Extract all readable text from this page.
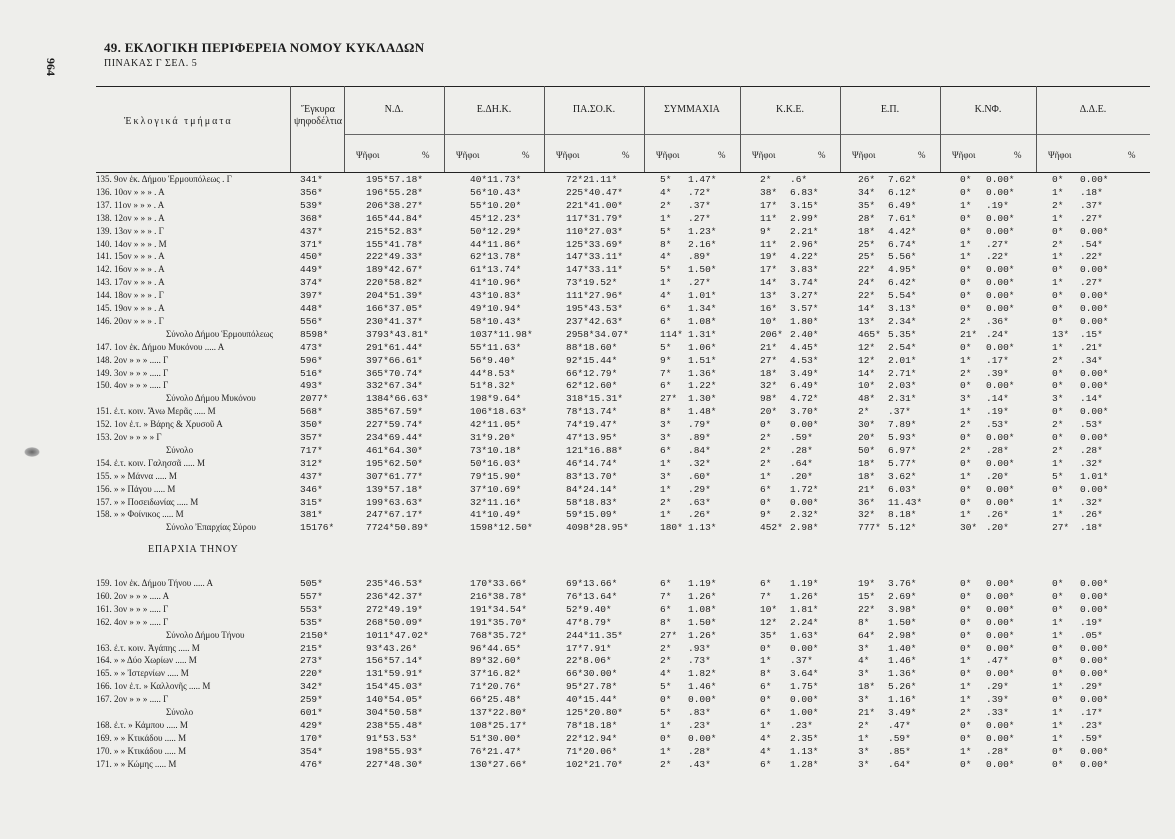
964
49. ΕΚΛΟΓΙΚΗ ΠΕΡΙΦΕΡΕΙΑ ΝΟΜΟΥ ΚΥΚΛΑΔΩΝ
ΠΙΝΑΚΑΣ Γ ΣΕΛ. 5
Ἐκλογικά τμήματα
Ἔγκυρα ψηφοδέλτια
Ν.Δ.
Ψῆφοι	%
Ε.ΔΗ.Κ.
Ψῆφοι	%
ΠΑ.ΣΟ.Κ.
Ψῆφοι	%
ΣΥΜΜΑΧΙΑ
Ψῆφοι	%
Κ.Κ.Ε.
Ψῆφοι	%
Ε.Π.
Ψῆφοι	%
Κ.ΝΦ.
Ψῆφοι	%
Δ.Δ.Ε.
Ψῆφοι	%
135. 9ον ἐκ. Δήμου Ἑρμουπόλεως . Γ	341*	195*57.18*	40*11.73*	72*21.11*	5* 1.47*	2* .6*	26* 7.62*	0* 0.00*	0* 0.00*
136. 10ον » » » . Α	356*	196*55.28*	56*10.43*	225*40.47*	4* .72*	38* 6.83*	34* 6.12*	0* 0.00*	1* .18*
137. 11ον » » » . Α	539*	206*38.27*	55*10.20*	221*41.00*	2* .37*	17* 3.15*	35* 6.49*	1* .19*	2* .37*
138. 12ον » » » . Α	368*	165*44.84*	45*12.23*	117*31.79*	1* .27*	11* 2.99*	28* 7.61*	0* 0.00*	1* .27*
139. 13ον » » » . Γ	437*	215*52.83*	50*12.29*	110*27.03*	5* 1.23*	9* 2.21*	18* 4.42*	0* 0.00*	0* 0.00*
140. 14ον » » » . Μ	371*	155*41.78*	44*11.86*	125*33.69*	8* 2.16*	11* 2.96*	25* 6.74*	1* .27*	2* .54*
141. 15ον » » » . Α	450*	222*49.33*	62*13.78*	147*33.11*	4* .89*	19* 4.22*	25* 5.56*	1* .22*	1* .22*
142. 16ον » » » . Α	449*	189*42.67*	61*13.74*	147*33.11*	5* 1.50*	17* 3.83*	22* 4.95*	0* 0.00*	0* 0.00*
143. 17ον » » » . Α	374*	220*58.82*	41*10.96*	73*19.52*	1* .27*	14* 3.74*	24* 6.42*	0* 0.00*	1* .27*
144. 18ον » » » . Γ	397*	204*51.39*	43*10.83*	111*27.96*	4* 1.01*	13* 3.27*	22* 5.54*	0* 0.00*	0* 0.00*
145. 19ον » » » . Α	448*	166*37.05*	49*10.94*	195*43.53*	6* 1.34*	16* 3.57*	14* 3.13*	0* 0.00*	0* 0.00*
146. 20ον » » » . Γ	556*	230*41.37*	58*10.43*	237*42.63*	6* 1.08*	10* 1.80*	13* 2.34*	2* .36*	0* 0.00*
Σύνολο Δήμου Ἑρμουπόλεως	8598*	3793*43.81*	1037*11.98*	2958*34.07*	114* 1.31*	206* 2.40*	465* 5.35*	21* .24*	13* .15*
147. 1ον ἐκ. Δήμου Μυκόνου ..... Α	473*	291*61.44*	55*11.63*	88*18.60*	5* 1.06*	21* 4.45*	12* 2.54*	0* 0.00*	1* .21*
148. 2ον » » » ..... Γ	596*	397*66.61*	56*9.40*	92*15.44*	9* 1.51*	27* 4.53*	12* 2.01*	1* .17*	2* .34*
149. 3ον » » » ..... Γ	516*	365*70.74*	44*8.53*	66*12.79*	7* 1.36*	18* 3.49*	14* 2.71*	2* .39*	0* 0.00*
150. 4ον » » » ..... Γ	493*	332*67.34*	51*8.32*	62*12.60*	6* 1.22*	32* 6.49*	10* 2.03*	0* 0.00*	0* 0.00*
Σύνολο Δήμου Μυκόνου	2077*	1384*66.63*	198*9.64*	318*15.31*	27* 1.30*	98* 4.72*	48* 2.31*	3* .14*	3* .14*
151. ἐ.τ. κοιν. Ἄνω Μερᾶς ..... Μ	568*	385*67.59*	106*18.63*	78*13.74*	8* 1.48*	20* 3.70*	2* .37*	1* .19*	0* 0.00*
152. 1ον ἐ.τ. » Βάρης & Χρυσοῦ Α	350*	227*59.74*	42*11.05*	74*19.47*	3* .79*	0* 0.00*	30* 7.89*	2* .53*	2* .53*
153. 2ον » » » » Γ	357*	234*69.44*	31*9.20*	47*13.95*	3* .89*	2* .59*	20* 5.93*	0* 0.00*	0* 0.00*
Σύνολο	717*	461*64.30*	73*10.18*	121*16.88*	6* .84*	2* .28*	50* 6.97*	2* .28*	2* .28*
154. ἐ.τ. κοιν. Γαλησσᾶ ..... Μ	312*	195*62.50*	50*16.03*	46*14.74*	1* .32*	2* .64*	18* 5.77*	0* 0.00*	1* .32*
155. » » Μάννα ..... Μ	437*	307*61.77*	79*15.90*	83*13.70*	3* .60*	1* .20*	18* 3.62*	1* .20*	5* 1.01*
156. » » Πάγου ..... Μ	346*	139*57.18*	37*10.69*	84*24.14*	1* .29*	6* 1.72*	21* 6.03*	0* 0.00*	0* 0.00*
157. » » Ποσειδωνίας ..... Μ	315*	199*63.63*	32*11.16*	58*18.83*	2* .63*	0* 0.00*	36* 11.43*	0* 0.00*	1* .32*
158. » » Φοίνικος ..... Μ	381*	247*67.17*	41*10.49*	59*15.09*	1* .26*	9* 2.32*	32* 8.18*	1* .26*	1* .26*
Σύνολο Ἐπαρχίας Σύρου	15176*	7724*50.89*	1598*12.50*	4098*28.95*	180* 1.13*	452* 2.98*	777* 5.12*	30* .20*	27* .18*
159. 1ον ἐκ. Δήμου Τήνου ..... Α	505*	235*46.53*	170*33.66*	69*13.66*	6* 1.19*	6* 1.19*	19* 3.76*	0* 0.00*	0* 0.00*
160. 2ον » » » ..... Α	557*	236*42.37*	216*38.78*	76*13.64*	7* 1.26*	7* 1.26*	15* 2.69*	0* 0.00*	0* 0.00*
161. 3ον » » » ..... Γ	553*	272*49.19*	191*34.54*	52*9.40*	6* 1.08*	10* 1.81*	22* 3.98*	0* 0.00*	0* 0.00*
162. 4ον » » » ..... Γ	535*	268*50.09*	191*35.70*	47*8.79*	8* 1.50*	12* 2.24*	8* 1.50*	0* 0.00*	1* .19*
Σύνολο Δήμου Τήνου	2150*	1011*47.02*	768*35.72*	244*11.35*	27* 1.26*	35* 1.63*	64* 2.98*	0* 0.00*	1* .05*
163. ἐ.τ. κοιν. Ἀγάπης ..... Μ	215*	93*43.26*	96*44.65*	17*7.91*	2* .93*	0* 0.00*	3* 1.40*	0* 0.00*	0* 0.00*
164. » » Δύο Χωρίων ..... Μ	273*	156*57.14*	89*32.60*	22*8.06*	2* .73*	1* .37*	4* 1.46*	1* .47*	0* 0.00*
165. » » Ἰστερνίων ..... Μ	220*	131*59.91*	37*16.82*	66*30.00*	4* 1.82*	8* 3.64*	3* 1.36*	0* 0.00*	0* 0.00*
166. 1ον ἐ.τ. » Καλλονῆς ..... Μ	342*	154*45.03*	71*20.76*	95*27.78*	5* 1.46*	6* 1.75*	18* 5.26*	1* .29*	1* .29*
167. 2ον » » » ..... Γ	259*	140*54.05*	66*25.48*	40*15.44*	0* 0.00*	0* 0.00*	3* 1.16*	1* .39*	0* 0.00*
Σύνολο	601*	304*50.58*	137*22.80*	125*20.80*	5* .83*	6* 1.00*	21* 3.49*	2* .33*	1* .17*
168. ἐ.τ. » Κάμπου ..... Μ	429*	238*55.48*	108*25.17*	78*18.18*	1* .23*	1* .23*	2* .47*	0* 0.00*	1* .23*
169. » » Κτικάδου ..... Μ	170*	91*53.53*	51*30.00*	22*12.94*	0* 0.00*	4* 2.35*	1* .59*	0* 0.00*	1* .59*
170. » » Κτικάδου ..... Μ	354*	198*55.93*	76*21.47*	71*20.06*	1* .28*	4* 1.13*	3* .85*	1* .28*	0* 0.00*
171. » » Κώμης ..... Μ	476*	227*48.30*	130*27.66*	102*21.70*	2* .43*	6* 1.28*	3* .64*	0* 0.00*	0* 0.00*
ΕΠΑΡΧΙΑ ΤΗΝΟΥ
